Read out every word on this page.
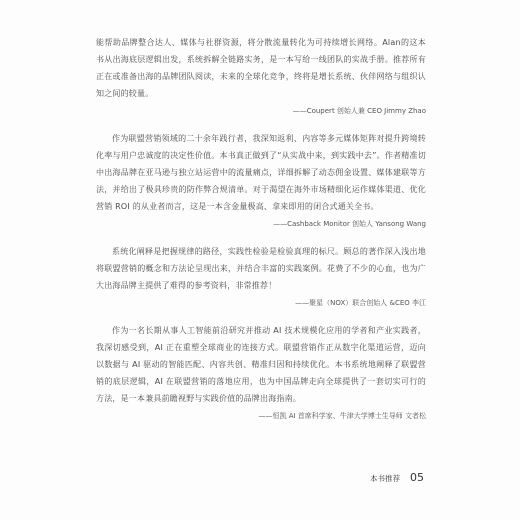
能帮助品牌整合达人、媒体与社群资源，将分散流量转化为可持续增长网络。Alan的这本书从出海底层逻辑出发，系统拆解全链路实务，是一本写给一线团队的实战手册。推荐所有正在或准备出海的品牌团队阅读，未来的全球化竞争，终将是增长系统、伙伴网络与组织认知之间的较量。

——Coupert 创始人兼 CEO Jimmy Zhao

作为联盟营销领域的二十余年践行者，我深知返利、内容等多元媒体矩阵对提升跨境转化率与用户忠诚度的决定性价值。本书真正做到了“从实战中来，到实践中去”。作者精准切中出海品牌在亚马逊与独立站运营中的流量痛点，详细拆解了动态佣金设置、媒体建联等方法，并给出了极具珍贵的防作弊合规清单。对于渴望在海外市场精细化运作媒体渠道、优化营销 ROI 的从业者而言，这是一本含金量极高、拿来即用的闭合式通关全书。

——Cashback Monitor 创始人 Yansong Wang

系统化阐释是把握规律的路径，实践性检验是检验真理的标尺。顾总的著作深入浅出地将联盟营销的概念和方法论呈现出来，并结合丰富的实践案例。花费了不少的心血，也为广大出海品牌主提供了难得的参考资料，非常推荐！

——聚星（NOX）联合创始人 &CEO 李江

作为一名长期从事人工智能前沿研究并推动 AI 技术规模化应用的学者和产业实践者，我深切感受到，AI 正在重塑全球商业的连接方式。联盟营销作正从数字化渠道运营，迈向以数据与 AI 驱动的智能匹配、内容共创、精准归因和持续优化。本书系统地阐释了联盟营销的底层逻辑，AI 在联盟营销的落地应用，也为中国品牌走向全球提供了一套切实可行的方法，是一本兼具前瞻视野与实践价值的品牌出海指南。

——恒凯 AI 首席科学家、牛津大学博士生导师 文者松
本书推荐 05
